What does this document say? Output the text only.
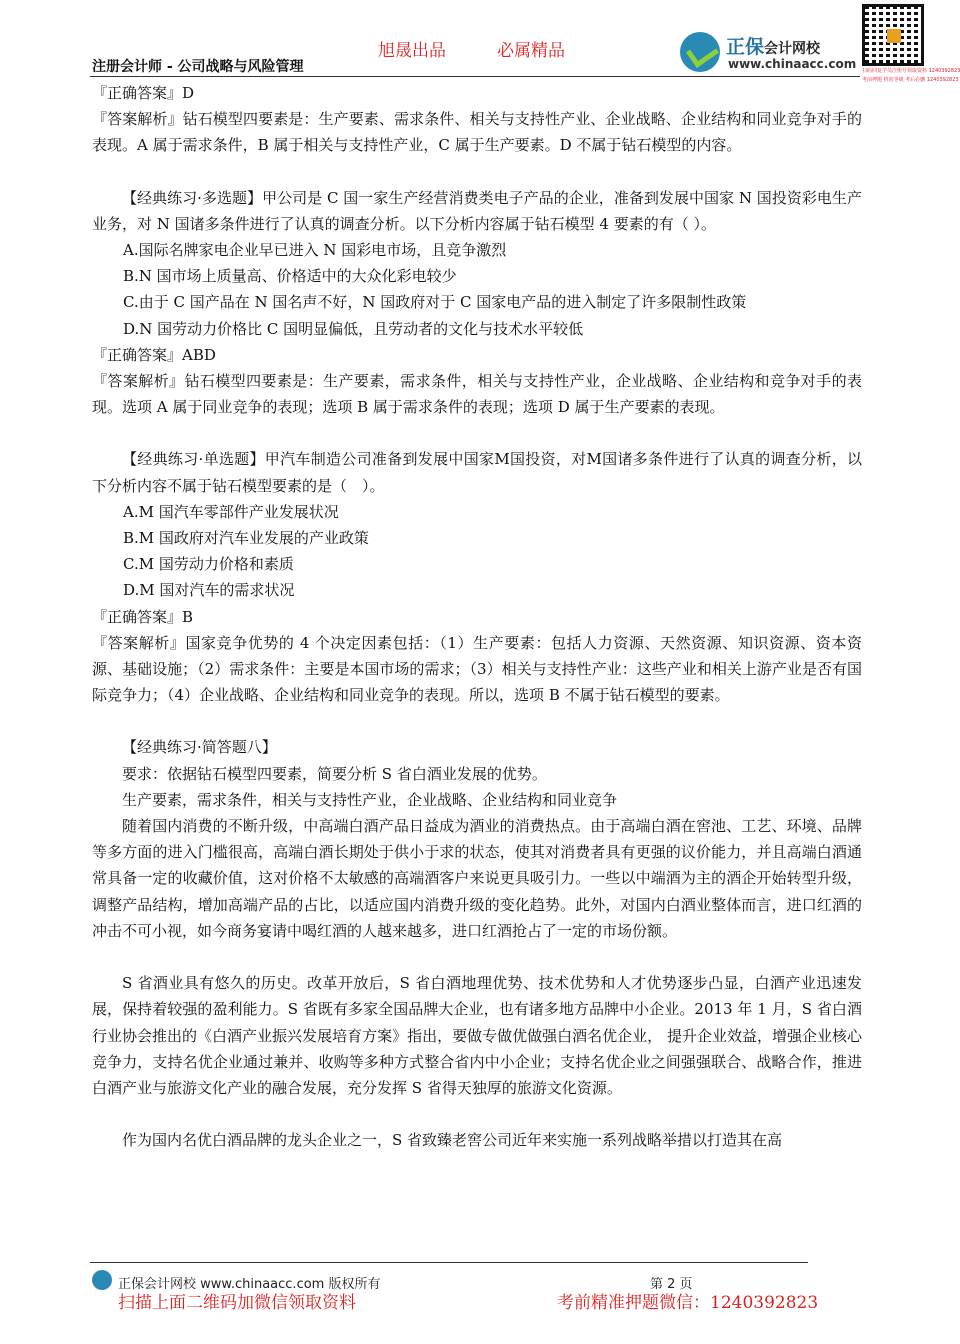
注册会计师 - 公司战略与风险管理
旭晟出品	必属精品	正保会计网校
www.chinaacc.com 扫码回复学员注册号领取资料 1240392823
考前押题 机密等级 考后必删 1240392823
『正确答案』D
『答案解析』钻石模型四要素是：生产要素、需求条件、相关与支持性产业、企业战略、企业结构和同业竞争对手的表现。A 属于需求条件，B 属于相关与支持性产业，C 属于生产要素。D 不属于钻石模型的内容。
【经典练习·多选题】甲公司是 C 国一家生产经营消费类电子产品的企业，准备到发展中国家 N 国投资彩电生产业务，对 N 国诸多条件进行了认真的调查分析。以下分析内容属于钻石模型 4 要素的有（ ）。
A.国际名牌家电企业早已进入 N 国彩电市场，且竞争激烈
B.N 国市场上质量高、价格适中的大众化彩电较少
C.由于 C 国产品在 N 国名声不好，N 国政府对于 C 国家电产品的进入制定了许多限制性政策
D.N 国劳动力价格比 C 国明显偏低，且劳动者的文化与技术水平较低
『正确答案』ABD
『答案解析』钻石模型四要素是：生产要素，需求条件，相关与支持性产业，企业战略、企业结构和竞争对手的表现。选项 A 属于同业竞争的表现；选项 B 属于需求条件的表现；选项 D 属于生产要素的表现。
【经典练习·单选题】甲汽车制造公司准备到发展中国家M国投资，对M国诸多条件进行了认真的调查分析，以下分析内容不属于钻石模型要素的是（　）。
A.M 国汽车零部件产业发展状况
B.M 国政府对汽车业发展的产业政策
C.M 国劳动力价格和素质
D.M 国对汽车的需求状况
『正确答案』B
『答案解析』国家竞争优势的 4 个决定因素包括：（1）生产要素：包括人力资源、天然资源、知识资源、资本资源、基础设施；（2）需求条件：主要是本国市场的需求；（3）相关与支持性产业：这些产业和相关上游产业是否有国际竞争力；（4）企业战略、企业结构和同业竞争的表现。所以，选项 B 不属于钻石模型的要素。
【经典练习·简答题八】
要求：依据钻石模型四要素，简要分析 S 省白酒业发展的优势。
生产要素，需求条件，相关与支持性产业，企业战略、企业结构和同业竞争
随着国内消费的不断升级，中高端白酒产品日益成为酒业的消费热点。由于高端白酒在窖池、工艺、环境、品牌等多方面的进入门槛很高，高端白酒长期处于供小于求的状态，使其对消费者具有更强的议价能力，并且高端白酒通常具备一定的收藏价值，这对价格不太敏感的高端酒客户来说更具吸引力。一些以中端酒为主的酒企开始转型升级，调整产品结构，增加高端产品的占比，以适应国内消费升级的变化趋势。此外，对国内白酒业整体而言，进口红酒的冲击不可小视，如今商务宴请中喝红酒的人越来越多，进口红酒抢占了一定的市场份额。
S 省酒业具有悠久的历史。改革开放后，S 省白酒地理优势、技术优势和人才优势逐步凸显，白酒产业迅速发展，保持着较强的盈利能力。S 省既有多家全国品牌大企业，也有诸多地方品牌中小企业。2013 年 1 月，S 省白酒行业协会推出的《白酒产业振兴发展培育方案》指出，要做专做优做强白酒名优企业， 提升企业效益，增强企业核心竞争力，支持名优企业通过兼并、收购等多种方式整合省内中小企业；支持名优企业之间强强联合、战略合作，推进白酒产业与旅游文化产业的融合发展，充分发挥 S 省得天独厚的旅游文化资源。
作为国内名优白酒品牌的龙头企业之一，S 省致臻老窖公司近年来实施一系列战略举措以打造其在高
正保会计网校 www.chinaacc.com 版权所有	第 2 页
扫描上面二维码加微信领取资料	考前精准押题微信：1240392823
